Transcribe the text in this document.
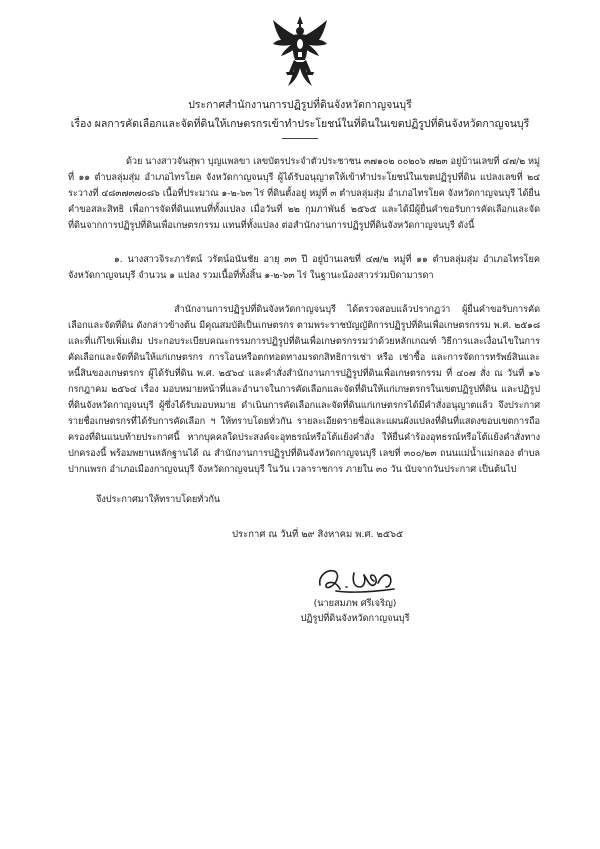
ประกาศสำนักงานการปฏิรูปที่ดินจังหวัดกาญจนบุรี
เรื่อง ผลการคัดเลือกและจัดที่ดินให้เกษตรกรเข้าทำประโยชน์ในที่ดินในเขตปฏิรูปที่ดินจังหวัดกาญจนบุรี
ด้วย นางสาวจันสุพา บุญแพลขา เลขบัตรประจำตัวประชาชน ๓๗๑๐๒ ๐๐๒๐๖ ๗๒๓ อยู่บ้านเลขที่ ๔๗/๒ หมู่ที่ ๑๑ ตำบลลุ่มสุ่ม อำเภอไทรโยค จังหวัดกาญจนบุรี ผู้ได้รับอนุญาตให้เข้าทำประโยชน์ในเขตปฏิรูปที่ดิน แปลงเลขที่ ๒๔ ระวางที่ ๔๘๓๗๓๗๐๘๖ เนื้อที่ประมาณ ๑-๒-๖๓ ไร่ ที่ดินตั้งอยู่ หมู่ที่ ๓ ตำบลลุ่มสุ่ม อำเภอไทรโยค จังหวัดกาญจนบุรี ได้ยื่นคำขอสละสิทธิ เพื่อการจัดที่ดินแทนที่ทั้งแปลง เมื่อวันที่ ๒๒ กุมภาพันธ์ ๒๕๖๕ และได้มีผู้ยื่นคำขอรับการคัดเลือกและจัดที่ดินจากการปฏิรูปที่ดินเพื่อเกษตรกรรม แทนที่ทั้งแปลง ต่อสำนักงานการปฏิรูปที่ดินจังหวัดกาญจนบุรี ดังนี้
๑. นางสาวจิระภารัตน์ วรัตน์อนันชัย อายุ ๓๓ ปี อยู่บ้านเลขที่ ๔๗/๒ หมู่ที่ ๑๑ ตำบลลุ่มสุ่ม อำเภอไทรโยค จังหวัดกาญจนบุรี จำนวน ๑ แปลง รวมเนื้อที่ทั้งสิ้น ๑-๒-๖๓ ไร่ ในฐานะน้องสาวร่วมบิดามารดา
สำนักงานการปฏิรูปที่ดินจังหวัดกาญจนบุรี ได้ตรวจสอบแล้วปรากฏว่า ผู้ยื่นคำขอรับการคัดเลือกและจัดที่ดิน ดังกล่าวข้างต้น มีคุณสมบัติเป็นเกษตรกร ตามพระราชบัญญัติการปฏิรูปที่ดินเพื่อเกษตรกรรม พ.ศ. ๒๕๑๘ และที่แก้ไขเพิ่มเติม ประกอบระเบียบคณะกรรมการปฏิรูปที่ดินเพื่อเกษตรกรรมว่าด้วยหลักเกณฑ์ วิธีการและเงื่อนไขในการคัดเลือกและจัดที่ดินให้แก่เกษตรกร การโอนหรือตกทอดทางมรดกสิทธิการเช่า หรือ เช่าซื้อ และการจัดการทรัพย์สินและหนี้สินของเกษตรกร ผู้ได้รับที่ดิน พ.ศ. ๒๕๖๔ และคำสั่งสำนักงานการปฏิรูปที่ดินเพื่อเกษตรกรรม ที่ ๔๐๗ สั่ง ณ วันที่ ๑๖ กรกฎาคม ๒๕๖๔ เรื่อง มอบหมายหน้าที่และอำนาจในการคัดเลือกและจัดที่ดินให้แก่เกษตรกรในเขตปฏิรูปที่ดิน และปฏิรูปที่ดินจังหวัดกาญจนบุรี ผู้ซึ่งได้รับมอบหมาย ดำเนินการคัดเลือกและจัดที่ดินแก่เกษตรกรได้มีคำสั่งอนุญาตแล้ว จึงประกาศรายชื่อเกษตรกรที่ได้รับการคัดเลือก ฯ ให้ทราบโดยทั่วกัน รายละเอียดรายชื่อและแผนผังแปลงที่ดินที่แสดงขอบเขตการถือครองที่ดินแนบท้ายประกาศนี้ หากบุคคลใดประสงค์จะอุทธรณ์หรือโต้แย้งคำสั่ง ให้ยื่นคำร้องอุทธรณ์หรือโต้แย้งคำสั่งทางปกครองนี้ พร้อมพยานหลักฐานได้ ณ สำนักงานการปฏิรูปที่ดินจังหวัดกาญจนบุรี เลขที่ ๓๐๐/๒๓ ถนนแม่น้ำแม่กลอง ตำบลปากแพรก อำเภอเมืองกาญจนบุรี จังหวัดกาญจนบุรี ในวัน เวลาราชการ ภายใน ๓๐ วัน นับจากวันประกาศ เป็นต้นไป
จึงประกาศมาให้ทราบโดยทั่วกัน
ประกาศ ณ วันที่ ๒๙ สิงหาคม พ.ศ. ๒๕๖๕
(นายสมภพ ศรีเจริญ)
ปฏิรูปที่ดินจังหวัดกาญจนบุรี
